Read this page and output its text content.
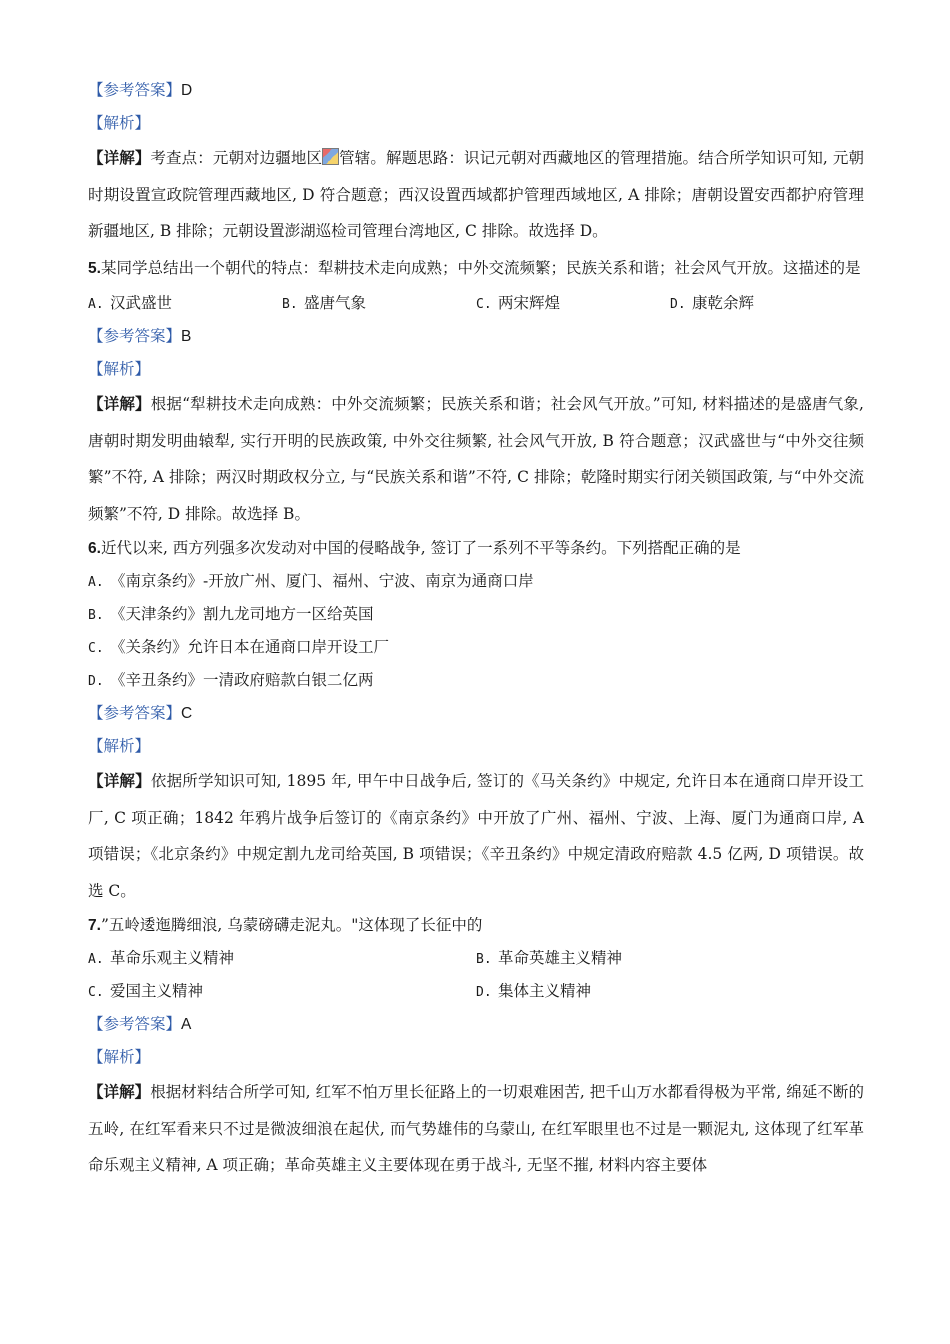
【参考答案】D
【解析】
【详解】考查点：元朝对边疆地区 管辖。解题思路：识记元朝对西藏地区的管理措施。结合所学知识可知, 元朝时期设置宣政院管理西藏地区, D 符合题意；西汉设置西域都护管理西域地区, A 排除；唐朝设置安西都护府管理新疆地区, B 排除；元朝设置澎湖巡检司管理台湾地区, C 排除。故选择 D。
5.某同学总结出一个朝代的特点：犁耕技术走向成熟；中外交流频繁；民族关系和谐；社会风气开放。这描述的是
A. 汉武盛世	B. 盛唐气象	C. 两宋辉煌	D. 康乾余辉
【参考答案】B
【解析】
【详解】根据“犁耕技术走向成熟：中外交流频繁；民族关系和谐；社会风气开放。”可知, 材料描述的是盛唐气象, 唐朝时期发明曲辕犁, 实行开明的民族政策, 中外交往频繁, 社会风气开放, B 符合题意；汉武盛世与“中外交往频繁”不符, A 排除；两汉时期政权分立, 与“民族关系和谐”不符, C 排除；乾隆时期实行闭关锁国政策, 与“中外交流频繁”不符, D 排除。故选择 B。
6.近代以来, 西方列强多次发动对中国的侵略战争, 签订了一系列不平等条约。下列搭配正确的是
A. 《南京条约》-开放广州、厦门、福州、宁波、南京为通商口岸
B. 《天津条约》割九龙司地方一区给英国
C. 《关条约》允许日本在通商口岸开设工厂
D. 《辛丑条约》一清政府赔款白银二亿两
【参考答案】C
【解析】
【详解】依据所学知识可知, 1895 年, 甲午中日战争后, 签订的《马关条约》中规定, 允许日本在通商口岸开设工厂, C 项正确；1842 年鸦片战争后签订的《南京条约》中开放了广州、福州、宁波、上海、厦门为通商口岸, A 项错误；《北京条约》中规定割九龙司给英国, B 项错误；《辛丑条约》中规定清政府赔款 4.5 亿两, D 项错误。故选 C。
7.”五岭逶迤腾细浪, 乌蒙磅礴走泥丸。"这体现了长征中的
A. 革命乐观主义精神	B. 革命英雄主义精神
C. 爱国主义精神	D. 集体主义精神
【参考答案】A
【解析】
【详解】根据材料结合所学可知, 红军不怕万里长征路上的一切艰难困苦, 把千山万水都看得极为平常, 绵延不断的五岭, 在红军看来只不过是微波细浪在起伏, 而气势雄伟的乌蒙山, 在红军眼里也不过是一颗泥丸, 这体现了红军革命乐观主义精神, A 项正确；革命英雄主义主要体现在勇于战斗, 无坚不摧, 材料内容主要体
